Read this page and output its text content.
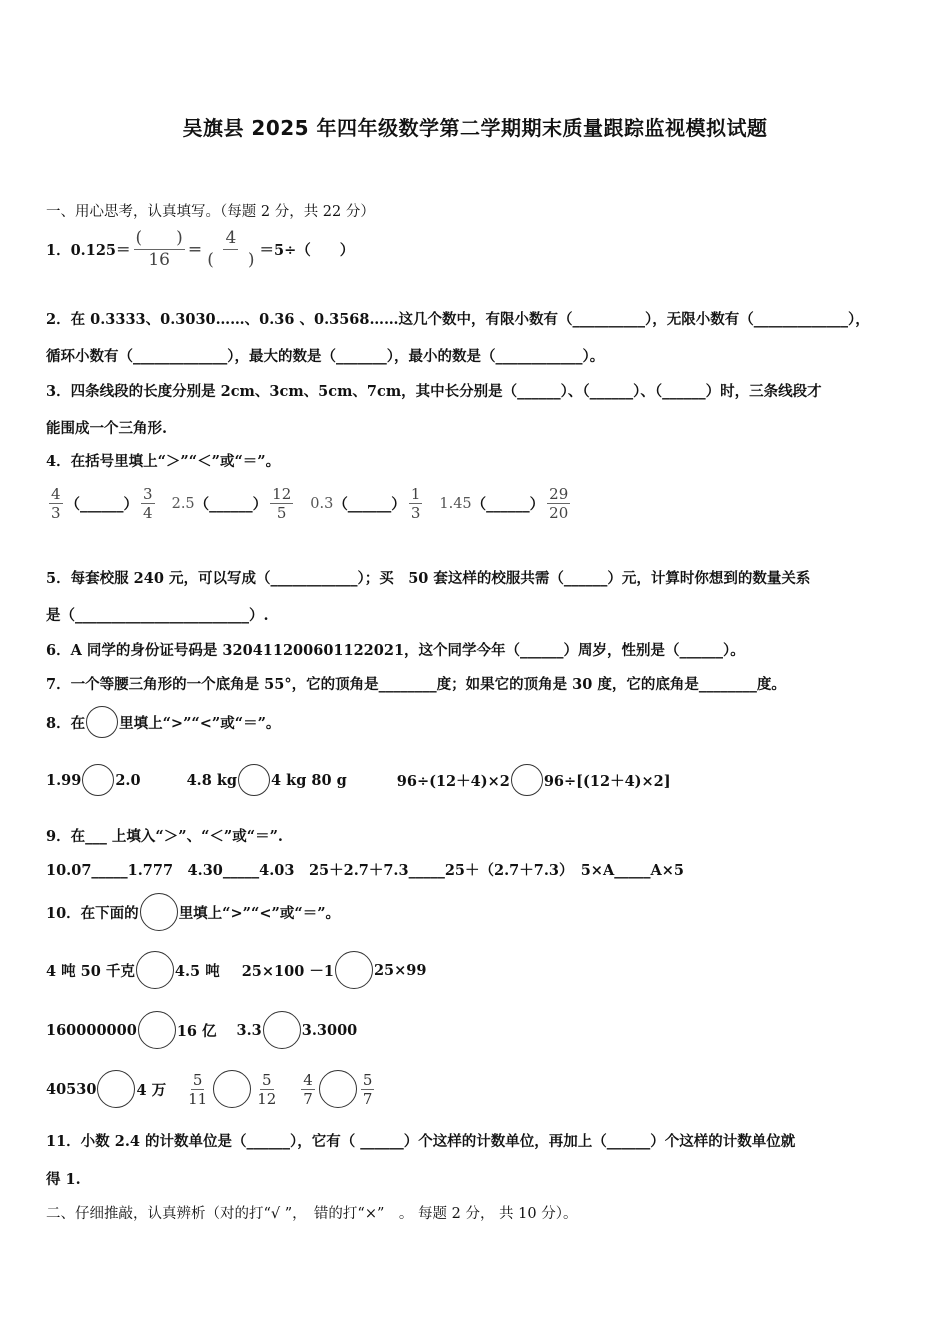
吴旗县 2025 年四年级数学第二学期期末质量跟踪监视模拟试题
一、用心思考，认真填写。（每题 2 分，共 22 分）
1．$0.125= \frac{( )}{16} = \frac{4}{( )} =5\div$（　　）
2．在 0.3333、0.3030……、0.36 、0.3568……这几个数中，有限小数有（__________），无限小数有（_____________），
循环小数有（_____________），最大的数是（_______），最小的数是（____________）。
3．四条线段的长度分别是 2cm、3cm、5cm、7cm，其中长分别是（______）、（______）、（______）时，三条线段才
能围成一个三角形.
4．在括号里填上“＞”“＜”或“＝”。
$\frac{4}{3}$ （______） $\frac{3}{4} 2.5$ （______） $\frac{12}{5} 0.3$ （______） $\frac{1}{3} 1.45$ （______） $\frac{29}{20}$
5．每套校服 240 元，可以写成（____________）；买　50 套这样的校服共需（______）元，计算时你想到的数量关系
是（________________________）.
6．A 同学的身份证号码是 320411200601122021，这个同学今年（______）周岁，性别是（______）。
7．一个等腰三角形的一个底角是 55°，它的顶角是________度；如果它的顶角是 30 度，它的底角是________度。
8．在 里填上“>”“<”或“＝”。
1.99 2.0	4.8 kg 4 kg 80 g	96÷(12＋4)×2 96÷[(12＋4)×2]
9．在___ 上填入“＞”、“＜”或“＝”.
10.07_____1.777　4.30_____4.03　25＋2.7＋7.3_____25＋（2.7＋7.3）　5×A_____A×5
10．在下面的	里填上“>”“<”或“＝”。
4 吨 50 千克	4.5 吨 25×100 －1	25×99
160000000	16 亿 3.3	3.3000
40530	4 万 $\frac{5}{11}$	$\frac{5}{12} \frac{4}{7}$	$\frac{5}{7}$
11．小数 2.4 的计数单位是（______），它有（ ______）个这样的计数单位，再加上（______）个这样的计数单位就
得 1.
二、仔细推敲，认真辨析（对的打“√ ”，　错的打“×”　。 每题 2 分， 共 10 分）。
